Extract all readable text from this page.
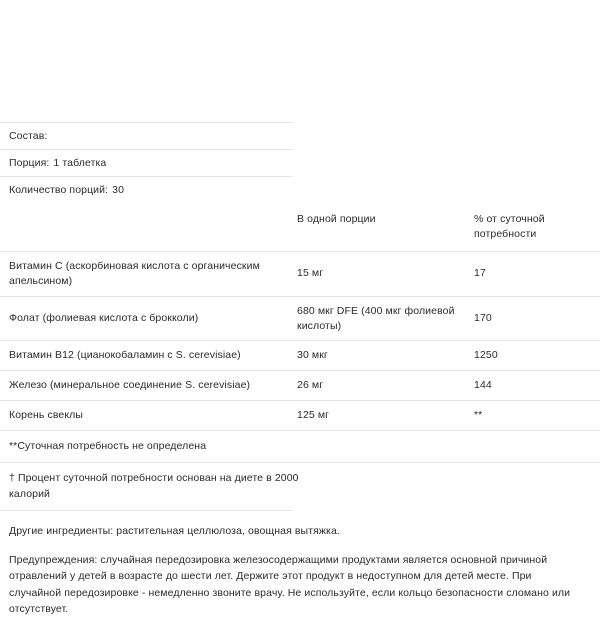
Состав:
Порция: 1 таблетка
Количество порций: 30
	В одной порции	% от суточной потребности
Витамин С (аскорбиновая кислота с органическим апельсином)	15 мг	17
Фолат (фолиевая кислота с брокколи)	680 мкг DFE (400 мкг фолиевой кислоты)	170
Витамин B12 (цианокобаламин с S. cerevisiae)	30 мкг	1250
Железо (минеральное соединение S. cerevisiae)	26 мг	144
Корень свеклы	125 мг	**
**Суточная потребность не определена
† Процент суточной потребности основан на диете в 2000 калорий

Другие ингредиенты: растительная целлюлоза, овощная вытяжка.

Предупреждения: случайная передозировка железосодержащими продуктами является основной причиной отравлений у детей в возрасте до шести лет. Держите этот продукт в недоступном для детей месте. При случайной передозировке - немедленно звоните врачу. Не используйте, если кольцо безопасности сломано или отсутствует.
